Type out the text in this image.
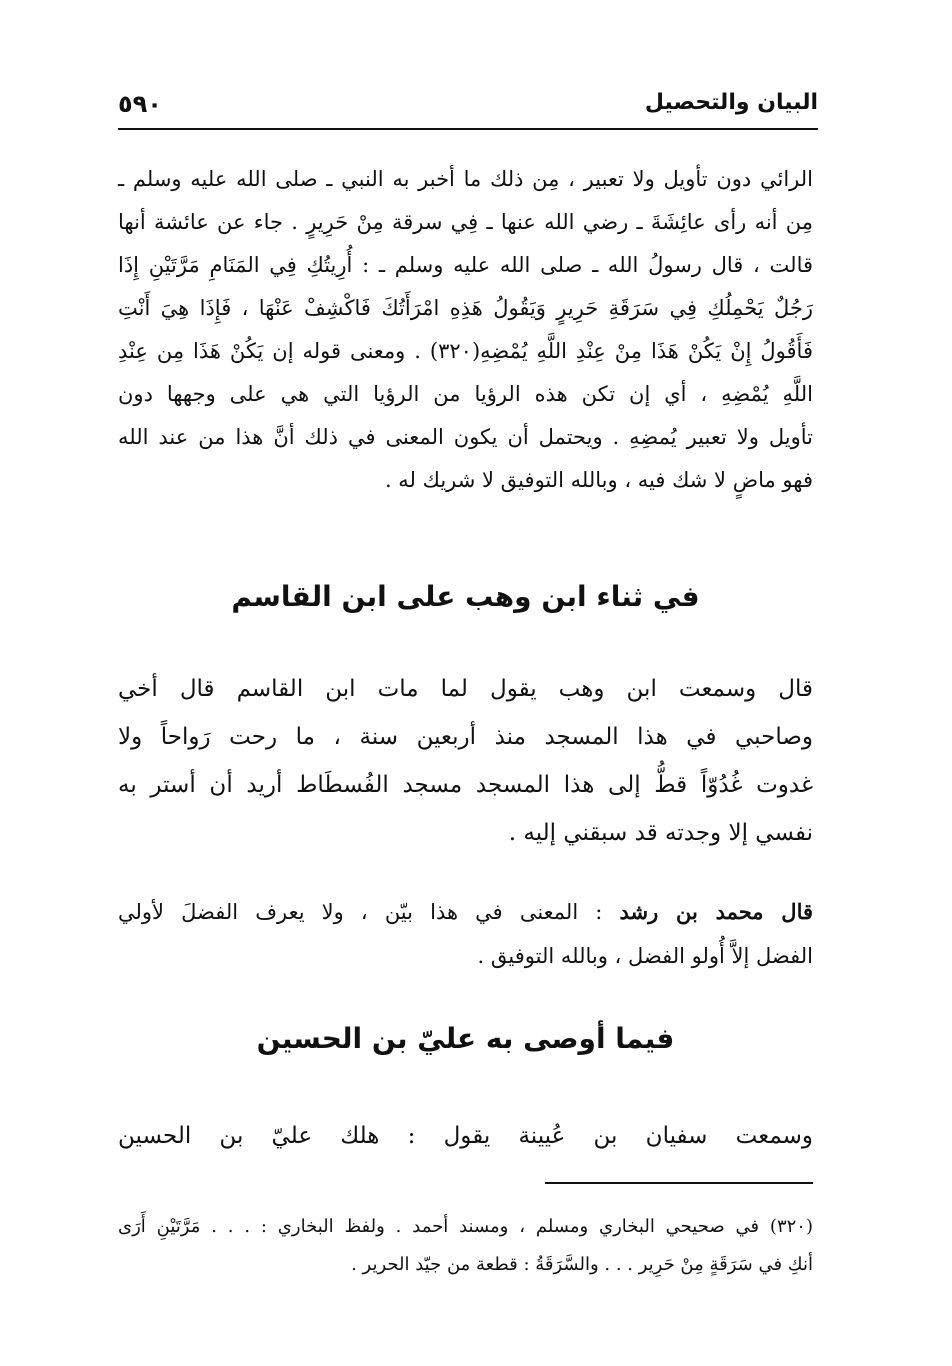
٥٩٠	البيان والتحصيل
الرائي دون تأويل ولا تعبير ، مِن ذلك ما أخبر به النبي ـ صلى الله عليه وسلم ـ
مِن أنه رأى عائِشَةَ ـ رضي الله عنها ـ فِي سرقة مِنْ حَرِيرٍ . جاء عن عائشة أنها
قالت ، قال رسولُ الله ـ صلى الله عليه وسلم ـ : أُرِيتُكِ فِي المَنَامِ مَرَّتَيْنِ إِذَا
رَجُلٌ يَحْمِلُكِ فِي سَرَقَةِ حَرِيرٍ وَيَقُولُ هَذِهِ امْرَأَتُكَ فَاكْشِفْ عَنْهَا ، فَإِذَا هِيَ أَنْتِ
فَأَقُولُ إِنْ يَكُنْ هَذَا مِنْ عِنْدِ اللَّهِ يُمْضِهِ(٣٢٠) . ومعنى قوله إن يَكُنْ هَذَا مِن عِنْدِ
اللَّهِ يُمْضِهِ ، أي إن تكن هذه الرؤيا من الرؤيا التي هي على وجهها دون
تأويل ولا تعبير يُمضِهِ . ويحتمل أن يكون المعنى في ذلك أنَّ هذا من عند الله
فهو ماضٍ لا شك فيه ، وبالله التوفيق لا شريك له .
في ثناء ابن وهب على ابن القاسم
قال وسمعت ابن وهب يقول لما مات ابن القاسم قال أخي
وصاحبي في هذا المسجد منذ أربعين سنة ، ما رحت رَواحاً ولا
غدوت غُدُوّاً قطُّ إلى هذا المسجد مسجد الفُسطَاط أريد أن أستر به
نفسي إلا وجدته قد سبقني إليه .
قال محمد بن رشد : المعنى في هذا بيّن ، ولا يعرف الفضلَ لأولي
الفضل إلاَّ أُولو الفضل ، وبالله التوفيق .
فيما أوصى به عليّ بن الحسين
وسمعت سفيان بن عُيينة يقول : هلك عليّ بن الحسين
(٣٢٠) في صحيحي البخاري ومسلم ، ومسند أحمد . ولفظ البخاري : . . . مَرَّتَيْنِ أَرَى
أنكِ في سَرَقَةٍ مِنْ حَرِير . . . والسَّرَقَةُ : قطعة من جيّد الحرير .
